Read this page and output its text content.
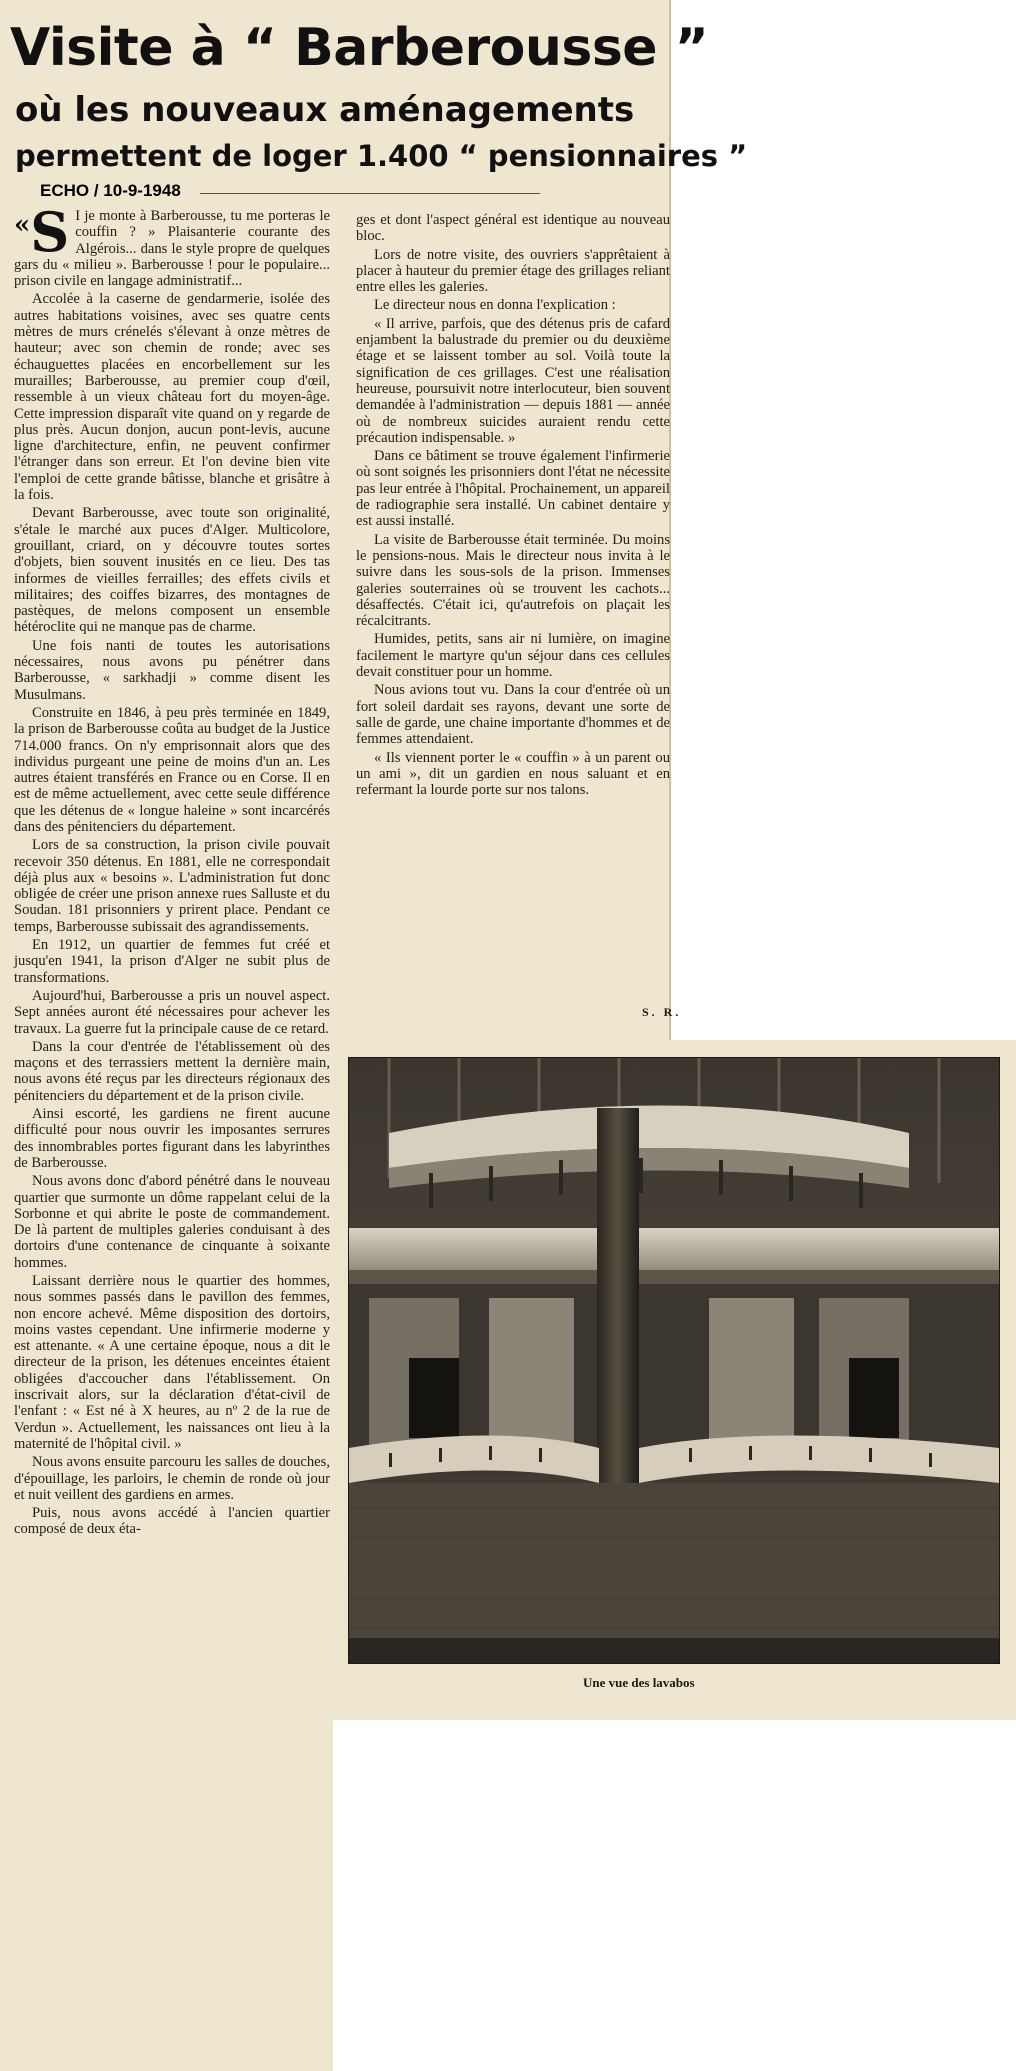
Visite à “ Barberousse ”
où les nouveaux aménagements
permettent de loger 1.400 “ pensionnaires ”
ECHO / 10-9-1948

«S I je monte à Barberousse, tu me porteras le couffin ? » Plaisanterie courante des Algérois... dans le style propre de quelques gars du « milieu ». Barberousse ! pour le populaire... prison civile en langage administratif...

Accolée à la caserne de gendarmerie, isolée des autres habitations voisines, avec ses quatre cents mètres de murs crénelés s'élevant à onze mètres de hauteur; avec son chemin de ronde; avec ses échauguettes placées en encorbellement sur les murailles; Barberousse, au premier coup d'œil, ressemble à un vieux château fort du moyen-âge. Cette impression disparaît vite quand on y regarde de plus près. Aucun donjon, aucun pont-levis, aucune ligne d'architecture, enfin, ne peuvent confirmer l'étranger dans son erreur. Et l'on devine bien vite l'emploi de cette grande bâtisse, blanche et grisâtre à la fois.

Devant Barberousse, avec toute son originalité, s'étale le marché aux puces d'Alger. Multicolore, grouillant, criard, on y découvre toutes sortes d'objets, bien souvent inusités en ce lieu. Des tas informes de vieilles ferrailles; des effets civils et militaires; des coiffes bizarres, des montagnes de pastèques, de melons composent un ensemble hétéroclite qui ne manque pas de charme.

Une fois nanti de toutes les autorisations nécessaires, nous avons pu pénétrer dans Barberousse, « sarkhadji » comme disent les Musulmans.

Construite en 1846, à peu près terminée en 1849, la prison de Barberousse coûta au budget de la Justice 714.000 francs. On n'y emprisonnait alors que des individus purgeant une peine de moins d'un an. Les autres étaient transférés en France ou en Corse. Il en est de même actuellement, avec cette seule différence que les détenus de « longue haleine » sont incarcérés dans des pénitenciers du département.

Lors de sa construction, la prison civile pouvait recevoir 350 détenus. En 1881, elle ne correspondait déjà plus aux « besoins ». L'administration fut donc obligée de créer une prison annexe rues Salluste et du Soudan. 181 prisonniers y prirent place. Pendant ce temps, Barberousse subissait des agrandissements.

En 1912, un quartier de femmes fut créé et jusqu'en 1941, la prison d'Alger ne subit plus de transformations.

Aujourd'hui, Barberousse a pris un nouvel aspect. Sept années auront été nécessaires pour achever les travaux. La guerre fut la principale cause de ce retard.

Dans la cour d'entrée de l'établissement où des maçons et des terrassiers mettent la dernière main, nous avons été reçus par les directeurs régionaux des pénitenciers du département et de la prison civile.

Ainsi escorté, les gardiens ne firent aucune difficulté pour nous ouvrir les imposantes serrures des innombrables portes figurant dans les labyrinthes de Barberousse.

Nous avons donc d'abord pénétré dans le nouveau quartier que surmonte un dôme rappelant celui de la Sorbonne et qui abrite le poste de commandement. De là partent de multiples galeries conduisant à des dortoirs d'une contenance de cinquante à soixante hommes.

Laissant derrière nous le quartier des hommes, nous sommes passés dans le pavillon des femmes, non encore achevé. Même disposition des dortoirs, moins vastes cependant. Une infirmerie moderne y est attenante. « A une certaine époque, nous a dit le directeur de la prison, les détenues enceintes étaient obligées d'accoucher dans l'établissement. On inscrivait alors, sur la déclaration d'état-civil de l'enfant : « Est né à X heures, au nº 2 de la rue de Verdun ». Actuellement, les naissances ont lieu à la maternité de l'hôpital civil. »

Nous avons ensuite parcouru les salles de douches, d'épouillage, les parloirs, le chemin de ronde où jour et nuit veillent des gardiens en armes.

Puis, nous avons accédé à l'ancien quartier composé de deux éta-

ges et dont l'aspect général est identique au nouveau bloc.

Lors de notre visite, des ouvriers s'apprêtaient à placer à hauteur du premier étage des grillages reliant entre elles les galeries.

Le directeur nous en donna l'explication :

« Il arrive, parfois, que des détenus pris de cafard enjambent la balustrade du premier ou du deuxième étage et se laissent tomber au sol. Voilà toute la signification de ces grillages. C'est une réalisation heureuse, poursuivit notre interlocuteur, bien souvent demandée à l'administration — depuis 1881 — année où de nombreux suicides auraient rendu cette précaution indispensable. »

Dans ce bâtiment se trouve également l'infirmerie où sont soignés les prisonniers dont l'état ne nécessite pas leur entrée à l'hôpital. Prochainement, un appareil de radiographie sera installé. Un cabinet dentaire y est aussi installé.

La visite de Barberousse était terminée. Du moins le pensions-nous. Mais le directeur nous invita à le suivre dans les sous-sols de la prison. Immenses galeries souterraines où se trouvent les cachots... désaffectés. C'était ici, qu'autrefois on plaçait les récalcitrants.

Humides, petits, sans air ni lumière, on imagine facilement le martyre qu'un séjour dans ces cellules devait constituer pour un homme.

Nous avions tout vu. Dans la cour d'entrée où un fort soleil dardait ses rayons, devant une sorte de salle de garde, une chaine importante d'hommes et de femmes attendaient.

« Ils viennent porter le « couffin » à un parent ou un ami », dit un gardien en nous saluant et en refermant la lourde porte sur nos talons.

S. R.
Une vue des lavabos
